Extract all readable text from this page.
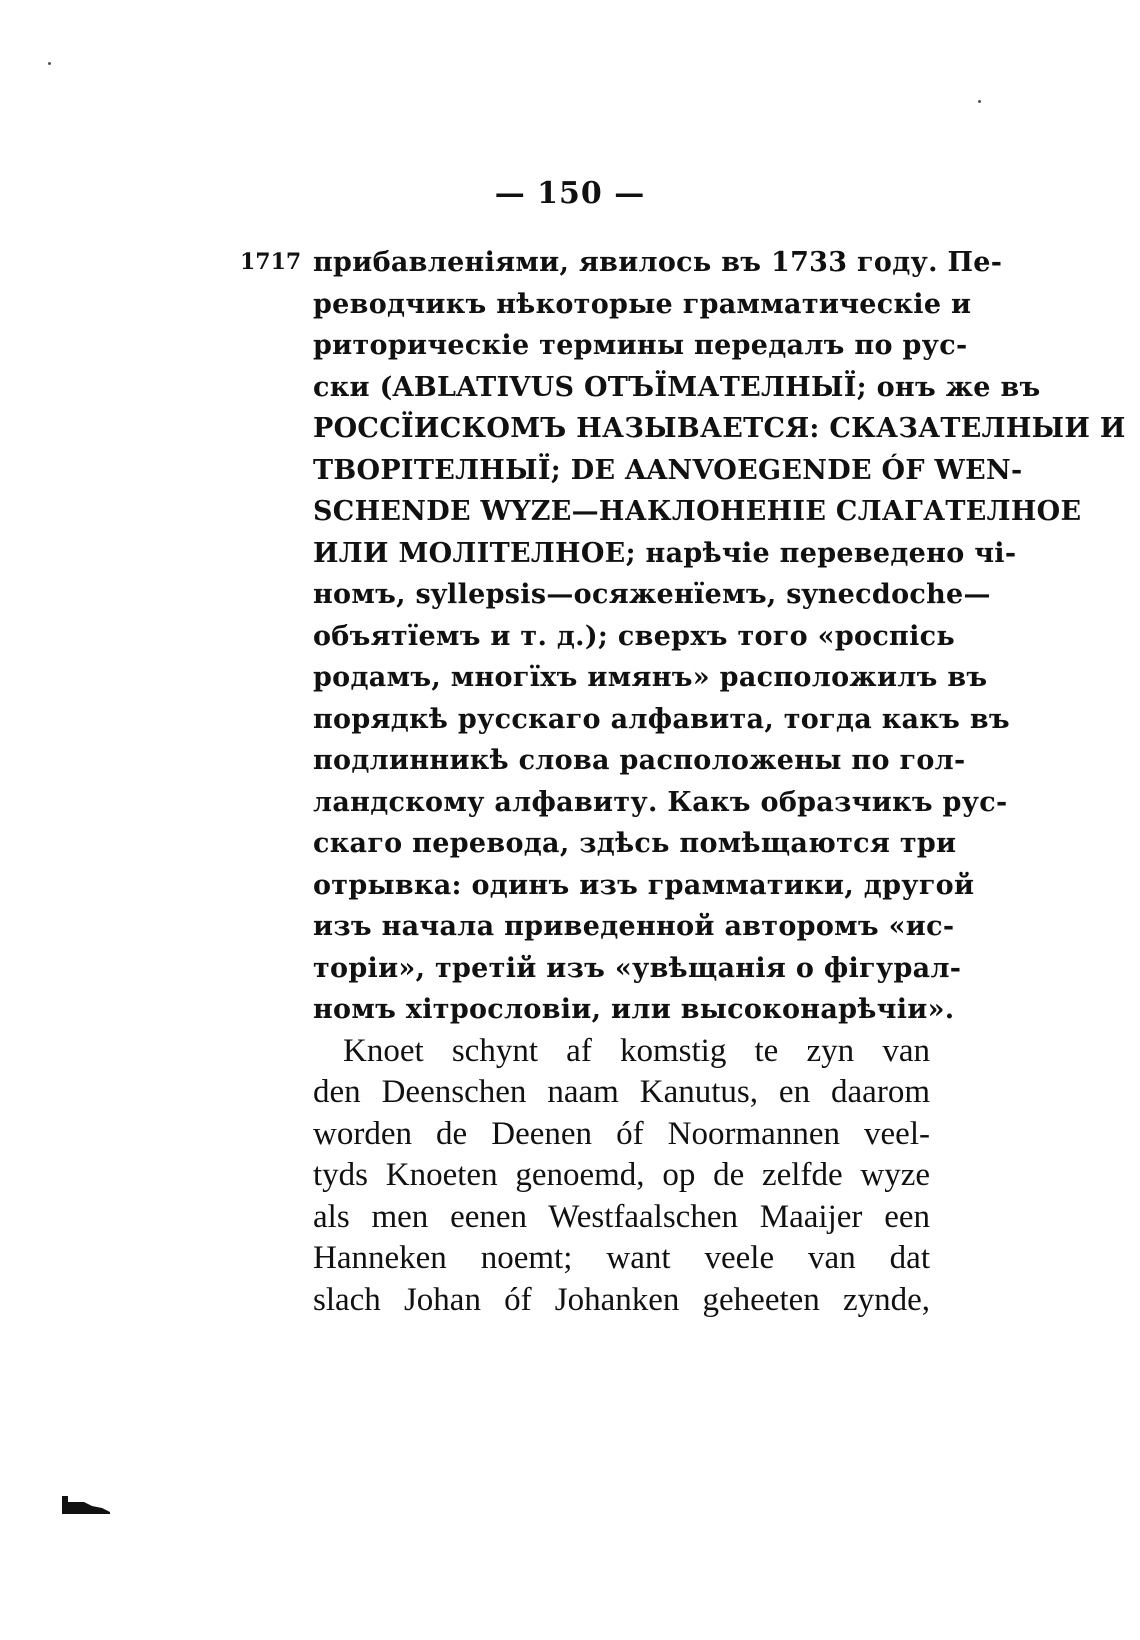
— 150 —
1717 прибавленіями, явилось въ 1733 году. Пе-
реводчикъ нѣкоторые грамматическіе и
риторическіе термины передалъ по рус-
ски (ABLATIVUS ОТЪЇМАТЕЛНЫЇ; онъ же въ
РОССЇИСКОМЪ НАЗЫВАЕТСЯ: СКАЗАТЕЛНЫИ И
ТВОРІТЕЛНЫЇ; DE AANVOEGENDE ÓF WEN-
SCHENDE WYZE—НАКЛОНЕНІЕ СЛАГАТЕЛНОЕ
ИЛИ МОЛІТЕЛНОЕ; нарѣчіе переведено чі-
номъ, syllepsis—осяженїемъ, synecdoche—
объятїемъ и т. д.); сверхъ того «роспісь
родамъ, многїхъ имянъ» расположилъ въ
порядкѣ русскаго алфавита, тогда какъ въ
подлинникѣ слова расположены по гол-
ландскому алфавиту. Какъ образчикъ рус-
скаго перевода, здѣсь помѣщаются три
отрывка: одинъ изъ грамматики, другой
изъ начала приведенной авторомъ «ис-
торіи», третій изъ «увѣщанія о фігурал-
номъ хітрословіи, или высоконарѣчіи».
Knoet schynt af komstig te zyn van
den Deenschen naam Kanutus, en daarom
worden de Deenen óf Noormannen veel-
tyds Knoeten genoemd, op de zelfde wyze
als men eenen Westfaalschen Maaijer een
Hanneken noemt; want veele van dat
slach Johan óf Johanken geheeten zynde,
